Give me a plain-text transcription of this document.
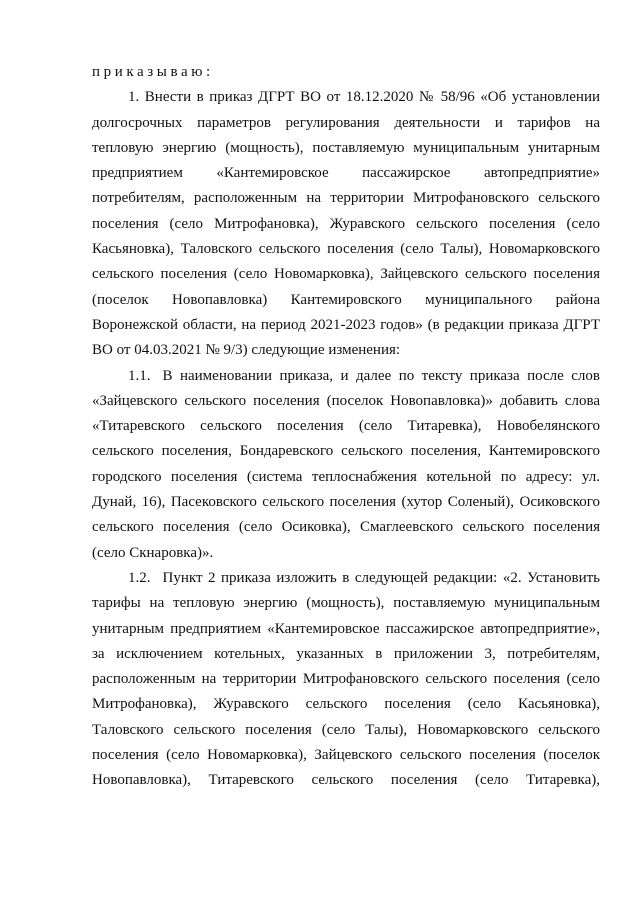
приказываю:

1. Внести в приказ ДГРТ ВО от 18.12.2020 № 58/96 «Об установлении долгосрочных параметров регулирования деятельности и тарифов на тепловую энергию (мощность), поставляемую муниципальным унитарным предприятием «Кантемировское пассажирское автопредприятие» потребителям, расположенным на территории Митрофановского сельского поселения (село Митрофановка), Журавского сельского поселения (село Касьяновка), Таловского сельского поселения (село Талы), Новомарковского сельского поселения (село Новомарковка), Зайцевского сельского поселения (поселок Новопавловка) Кантемировского муниципального района Воронежской области, на период 2021-2023 годов» (в редакции приказа ДГРТ ВО от 04.03.2021 № 9/3) следующие изменения:

1.1. В наименовании приказа, и далее по тексту приказа после слов «Зайцевского сельского поселения (поселок Новопавловка)» добавить слова «Титаревского сельского поселения (село Титаревка), Новобелянского сельского поселения, Бондаревского сельского поселения, Кантемировского городского поселения (система теплоснабжения котельной по адресу: ул. Дунай, 16), Пасековского сельского поселения (хутор Соленый), Осиковского сельского поселения (село Осиковка), Смаглеевского сельского поселения (село Скнаровка)».

1.2. Пункт 2 приказа изложить в следующей редакции: «2. Установить тарифы на тепловую энергию (мощность), поставляемую муниципальным унитарным предприятием «Кантемировское пассажирское автопредприятие», за исключением котельных, указанных в приложении 3, потребителям, расположенным на территории Митрофановского сельского поселения (село Митрофановка), Журавского сельского поселения (село Касьяновка), Таловского сельского поселения (село Талы), Новомарковского сельского поселения (село Новомарковка), Зайцевского сельского поселения (поселок Новопавловка), Титаревского сельского поселения (село Титаревка),
